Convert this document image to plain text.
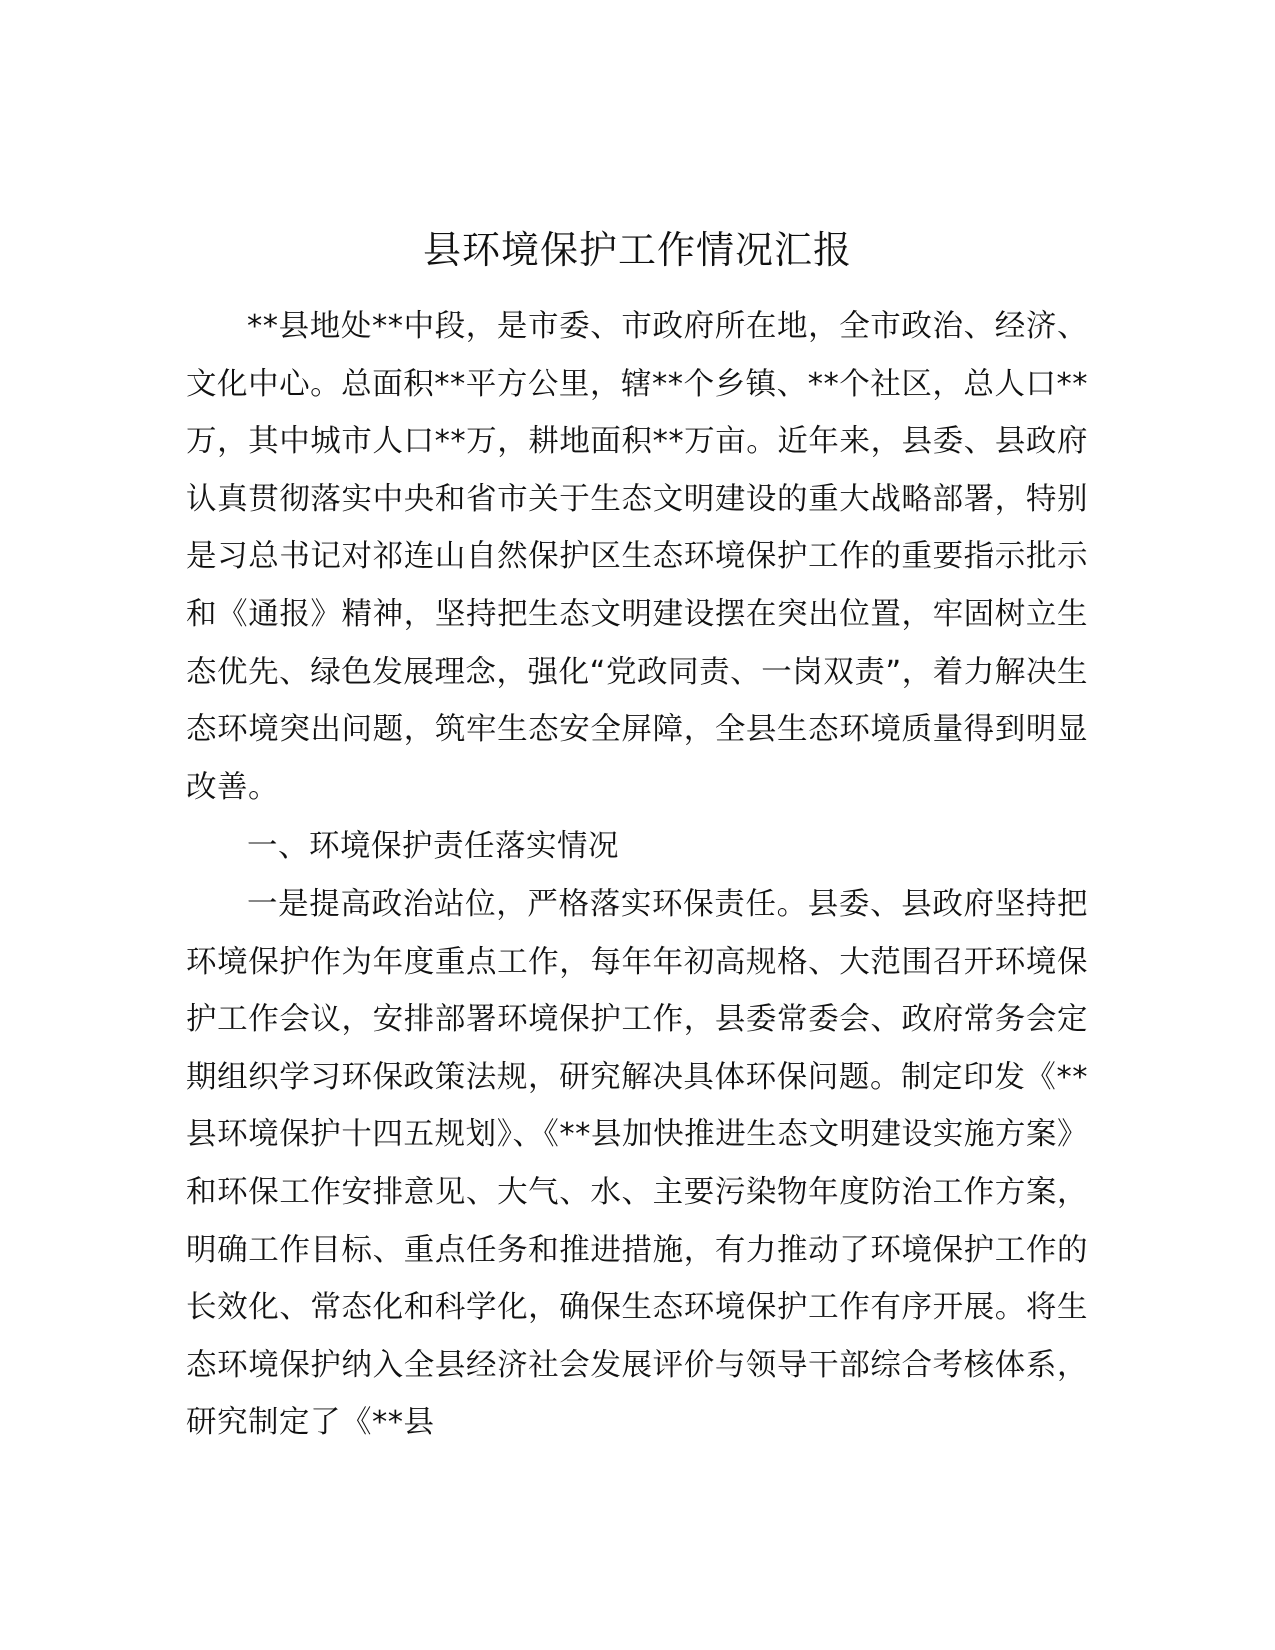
县环境保护工作情况汇报

**县地处**中段，是市委、市政府所在地，全市政治、经济、文化中心。总面积**平方公里，辖**个乡镇、**个社区，总人口**万，其中城市人口**万，耕地面积**万亩。近年来，县委、县政府认真贯彻落实中央和省市关于生态文明建设的重大战略部署，特别是习总书记对祁连山自然保护区生态环境保护工作的重要指示批示和《通报》精神，坚持把生态文明建设摆在突出位置，牢固树立生态优先、绿色发展理念，强化“党政同责、一岗双责”，着力解决生态环境突出问题，筑牢生态安全屏障，全县生态环境质量得到明显改善。

一、环境保护责任落实情况

一是提高政治站位，严格落实环保责任。县委、县政府坚持把环境保护作为年度重点工作，每年年初高规格、大范围召开环境保护工作会议，安排部署环境保护工作，县委常委会、政府常务会定期组织学习环保政策法规，研究解决具体环保问题。制定印发《**县环境保护十四五规划》、《**县加快推进生态文明建设实施方案》和环保工作安排意见、大气、水、主要污染物年度防治工作方案，明确工作目标、重点任务和推进措施，有力推动了环境保护工作的长效化、常态化和科学化，确保生态环境保护工作有序开展。将生态环境保护纳入全县经济社会发展评价与领导干部综合考核体系，研究制定了《**县
